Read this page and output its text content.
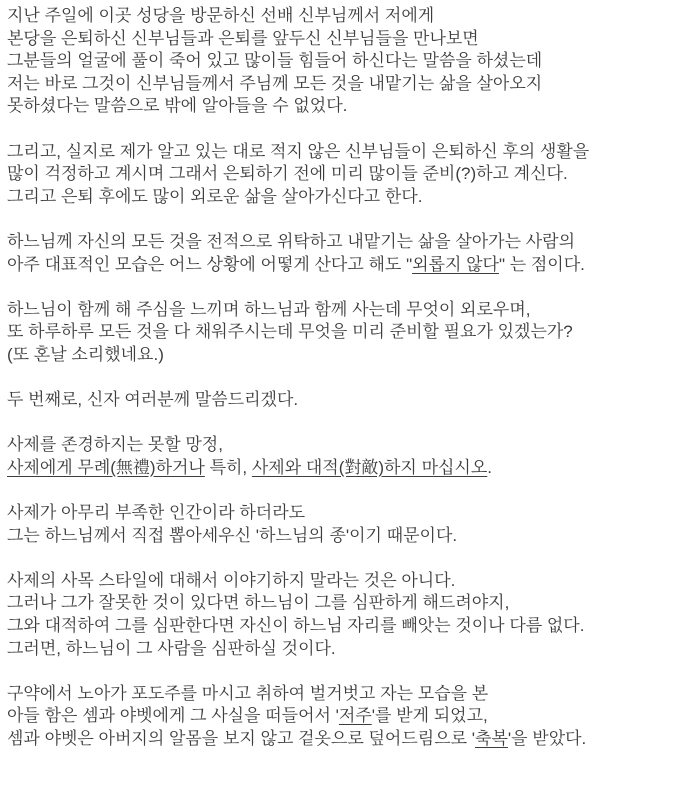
지난 주일에 이곳 성당을 방문하신 선배 신부님께서 저에게
본당을 은퇴하신 신부님들과 은퇴를 앞두신 신부님들을 만나보면
그분들의 얼굴에 풀이 죽어 있고 많이들 힘들어 하신다는 말씀을 하셨는데
저는 바로 그것이 신부님들께서 주님께 모든 것을 내맡기는 삶을 살아오지
못하셨다는 말씀으로 밖에 알아들을 수 없었다.

그리고, 실지로 제가 알고 있는 대로 적지 않은 신부님들이 은퇴하신 후의 생활을
많이 걱정하고 계시며 그래서 은퇴하기 전에 미리 많이들 준비(?)하고 계신다.
그리고 은퇴 후에도 많이 외로운 삶을 살아가신다고 한다.

하느님께 자신의 모든 것을 전적으로 위탁하고 내맡기는 삶을 살아가는 사람의
아주 대표적인 모습은 어느 상황에 어떻게 산다고 해도 "외롭지 않다" 는 점이다.

하느님이 함께 해 주심을 느끼며 하느님과 함께 사는데 무엇이 외로우며,
또 하루하루 모든 것을 다 채워주시는데 무엇을 미리 준비할 필요가 있겠는가?
(또 혼날 소리했네요.)

두 번째로, 신자 여러분께 말씀드리겠다.

사제를 존경하지는 못할 망정,
사제에게 무례(無禮)하거나 특히, 사제와 대적(對敵)하지 마십시오.

사제가 아무리 부족한 인간이라 하더라도
그는 하느님께서 직접 뽑아세우신 '하느님의 종'이기 때문이다.

사제의 사목 스타일에 대해서 이야기하지 말라는 것은 아니다.
그러나 그가 잘못한 것이 있다면 하느님이 그를 심판하게 해드려야지,
그와 대적하여 그를 심판한다면 자신이 하느님 자리를 빼앗는 것이나 다름 없다.
그러면, 하느님이 그 사람을 심판하실 것이다.

구약에서 노아가 포도주를 마시고 취하여 벌거벗고 자는 모습을 본
아들 함은 셈과 야벳에게 그 사실을 떠들어서 '저주'를 받게 되었고,
셈과 야벳은 아버지의 알몸을 보지 않고 겉옷으로 덮어드림으로 '축복'을 받았다.
